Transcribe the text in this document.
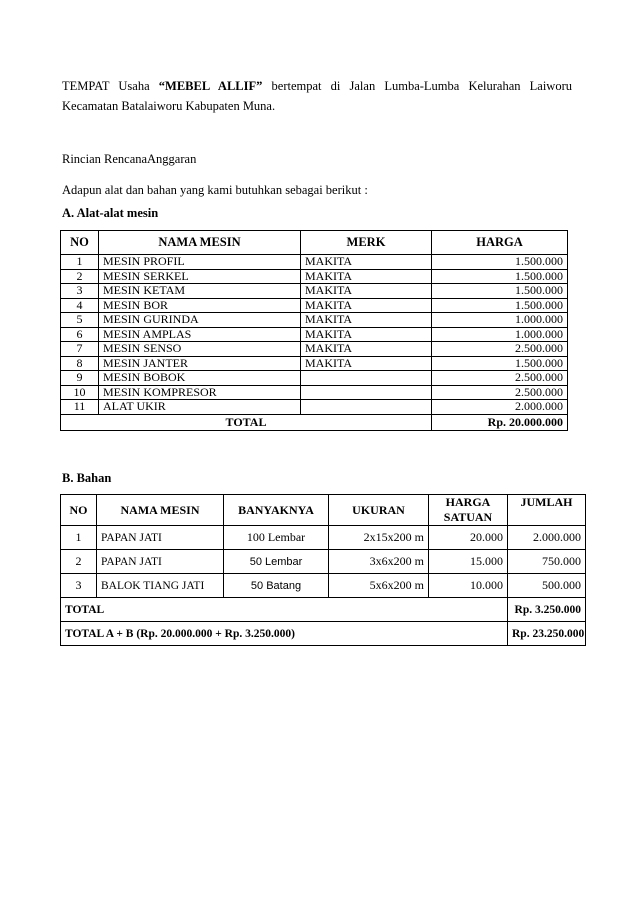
TEMPAT Usaha “MEBEL ALLIF” bertempat di Jalan Lumba-Lumba Kelurahan Laiworu Kecamatan Batalaiworu Kabupaten Muna.
Rincian RencanaAnggaran
Adapun alat dan bahan yang kami butuhkan sebagai berikut :
A. Alat-alat mesin
NO	NAMA MESIN	MERK	HARGA
1	MESIN PROFIL	MAKITA	1.500.000
2	MESIN SERKEL	MAKITA	1.500.000
3	MESIN KETAM	MAKITA	1.500.000
4	MESIN BOR	MAKITA	1.500.000
5	MESIN GURINDA	MAKITA	1.000.000
6	MESIN AMPLAS	MAKITA	1.000.000
7	MESIN SENSO	MAKITA	2.500.000
8	MESIN JANTER	MAKITA	1.500.000
9	MESIN BOBOK		2.500.000
10	MESIN KOMPRESOR		2.500.000
11	ALAT UKIR		2.000.000
TOTAL			Rp. 20.000.000
B. Bahan
NO	NAMA MESIN	BANYAKNYA	UKURAN	HARGA SATUAN	JUMLAH
1	PAPAN JATI	100 Lembar	2x15x200 m	20.000	2.000.000
2	PAPAN JATI	50 Lembar	3x6x200 m	15.000	750.000
3	BALOK TIANG JATI	50 Batang	5x6x200 m	10.000	500.000
TOTAL					Rp. 3.250.000
TOTAL A + B (Rp. 20.000.000 + Rp. 3.250.000)					Rp. 23.250.000
